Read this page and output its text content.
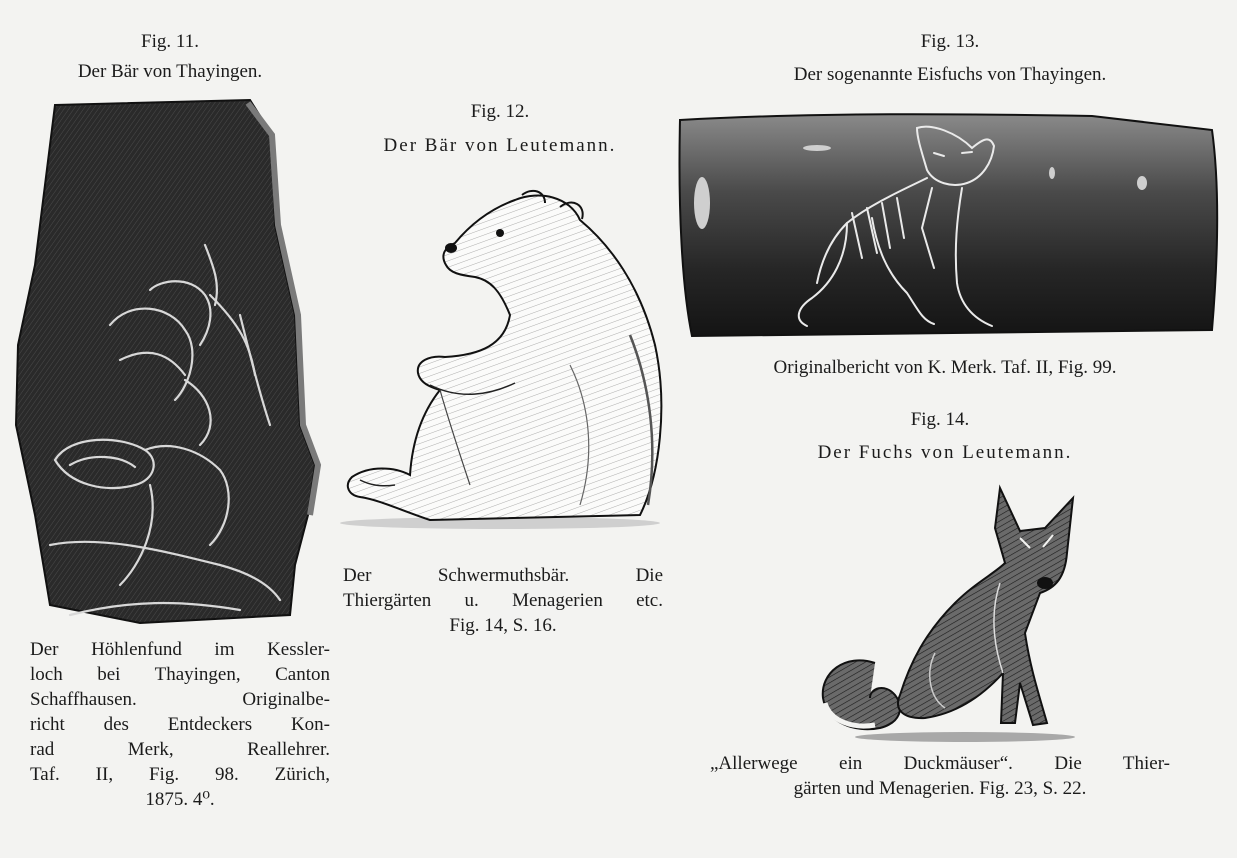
Fig. 11.
Der Bär von Thayingen.
Der Höhlenfund im Kessler-
loch bei Thayingen, Canton
Schaffhausen. Originalbe-
richt des Entdeckers Kon-
rad Merk, Reallehrer.
Taf. II, Fig. 98. Zürich,
1875. 4⁰.
Fig. 12.
Der Bär von Leutemann.
Der Schwermuthsbär. Die
Thiergärten u. Menagerien etc.
Fig. 14, S. 16.
Fig. 13.
Der sogenannte Eisfuchs von Thayingen.
Originalbericht von K. Merk. Taf. II, Fig. 99.
Fig. 14.
Der Fuchs von Leutemann.
„Allerwege ein Duckmäuser“. Die Thier-
gärten und Menagerien. Fig. 23, S. 22.
